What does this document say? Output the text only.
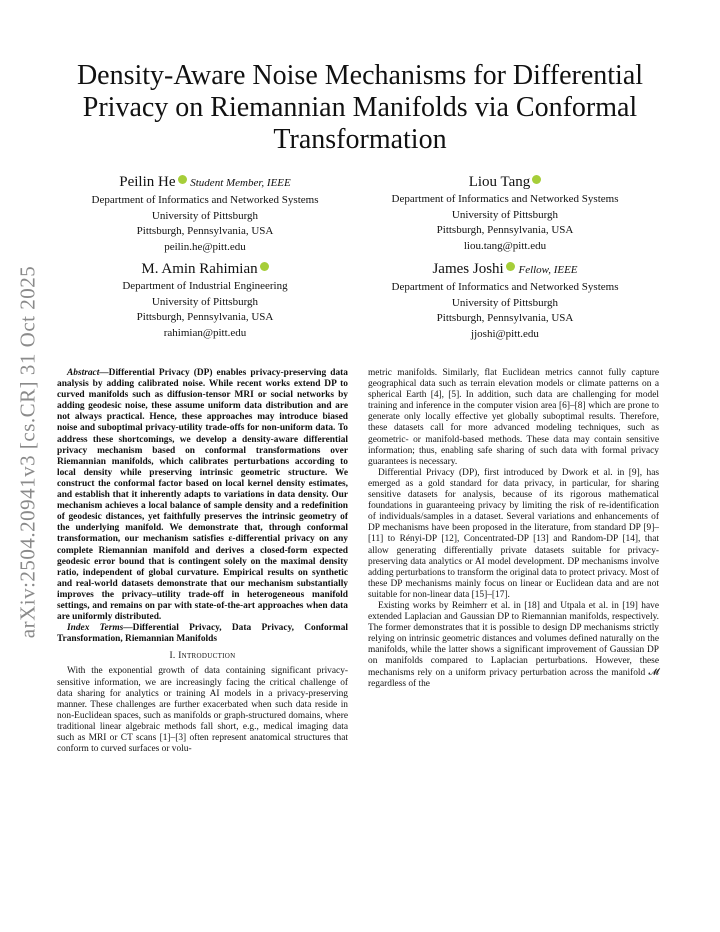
arXiv:2504.20941v3 [cs.CR] 31 Oct 2025
Density-Aware Noise Mechanisms for Differential
Privacy on Riemannian Manifolds via Conformal
Transformation
Peilin He Student Member, IEEE
Department of Informatics and Networked Systems
University of Pittsburgh
Pittsburgh, Pennsylvania, USA
peilin.he@pitt.edu
Liou Tang
Department of Informatics and Networked Systems
University of Pittsburgh
Pittsburgh, Pennsylvania, USA
liou.tang@pitt.edu
M. Amin Rahimian
Department of Industrial Engineering
University of Pittsburgh
Pittsburgh, Pennsylvania, USA
rahimian@pitt.edu
James Joshi Fellow, IEEE
Department of Informatics and Networked Systems
University of Pittsburgh
Pittsburgh, Pennsylvania, USA
jjoshi@pitt.edu

Abstract—Differential Privacy (DP) enables privacy-preserving data analysis by adding calibrated noise. While recent works extend DP to curved manifolds such as diffusion-tensor MRI or social networks by adding geodesic noise, these assume uniform data distribution and are not always practical. Hence, these approaches may introduce biased noise and suboptimal privacy-utility trade-offs for non-uniform data. To address these shortcomings, we develop a density-aware differential privacy mechanism based on conformal transformations over Riemannian manifolds, which calibrates perturbations according to local density while preserving intrinsic geometric structure. We construct the conformal factor based on local kernel density estimates, and establish that it inherently adapts to variations in data density. Our mechanism achieves a local balance of sample density and a redefinition of geodesic distances, yet faithfully preserves the intrinsic geometry of the underlying manifold. We demonstrate that, through conformal transformation, our mechanism satisfies ε-differential privacy on any complete Riemannian manifold and derives a closed-form expected geodesic error bound that is contingent solely on the maximal density ratio, independent of global curvature. Empirical results on synthetic and real-world datasets demonstrate that our mechanism substantially improves the privacy–utility trade-off in heterogeneous manifold settings, and remains on par with state-of-the-art approaches when data are uniformly distributed.

Index Terms—Differential Privacy, Data Privacy, Conformal Transformation, Riemannian Manifolds

I. Introduction

With the exponential growth of data containing significant privacy-sensitive information, we are increasingly facing the critical challenge of data sharing for analytics or training AI models in a privacy-preserving manner. These challenges are further exacerbated when such data reside in non-Euclidean spaces, such as manifolds or graph-structured domains, where traditional linear algebraic methods fall short, e.g., medical imaging data such as MRI or CT scans [1]–[3] often represent anatomical structures that conform to curved surfaces or volu-

metric manifolds. Similarly, flat Euclidean metrics cannot fully capture geographical data such as terrain elevation models or climate patterns on a spherical Earth [4], [5]. In addition, such data are challenging for model training and inference in the computer vision area [6]–[8] which are prone to generate only locally effective yet globally suboptimal results. Therefore, these datasets call for more advanced modeling techniques, such as geometric- or manifold-based methods. These data may contain sensitive information; thus, enabling safe sharing of such data with formal privacy guarantees is necessary.

Differential Privacy (DP), first introduced by Dwork et al. in [9], has emerged as a gold standard for data privacy, in particular, for sharing sensitive datasets for analysis, because of its rigorous mathematical foundations in guaranteeing privacy by limiting the risk of re-identification of individuals/samples in a dataset. Several variations and enhancements of DP mechanisms have been proposed in the literature, from standard DP [9]–[11] to Rényi-DP [12], Concentrated-DP [13] and Random-DP [14], that allow generating differentially private datasets suitable for privacy-preserving data analytics or AI model development. DP mechanisms involve adding perturbations to transform the original data to protect privacy. Most of these DP mechanisms mainly focus on linear or Euclidean data and are not suitable for non-linear data [15]–[17].

Existing works by Reimherr et al. in [18] and Utpala et al. in [19] have extended Laplacian and Gaussian DP to Riemannian manifolds, respectively. The former demonstrates that it is possible to design DP mechanisms strictly relying on intrinsic geometric distances and volumes defined naturally on the manifolds, while the latter shows a significant improvement of Gaussian DP on manifolds compared to Laplacian perturbations. However, these mechanisms rely on a uniform privacy perturbation across the manifold 𝓜 regardless of the
